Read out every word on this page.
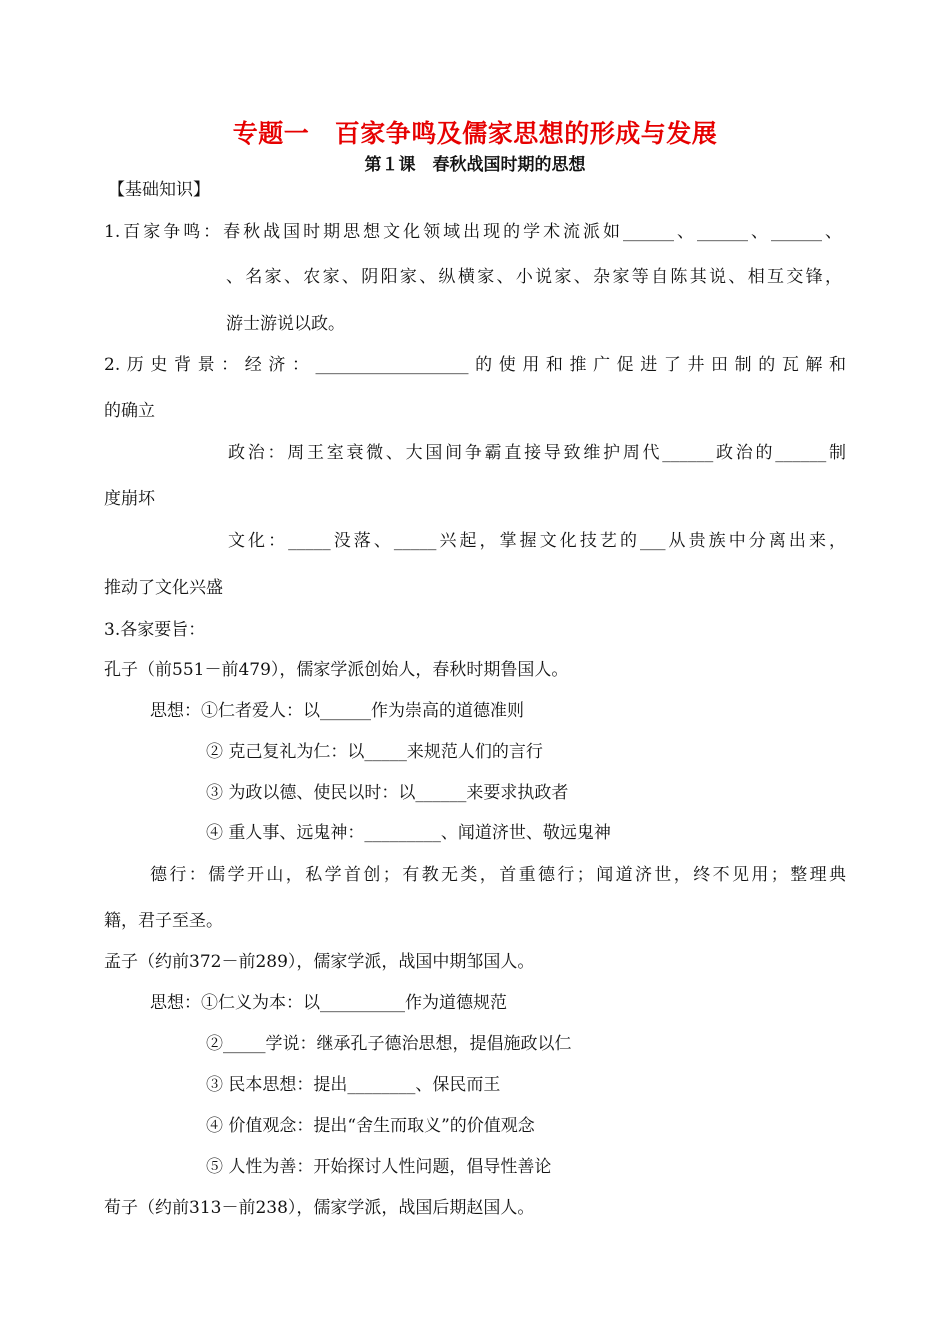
专题一　百家争鸣及儒家思想的形成与发展
第１课　春秋战国时期的思想
【基础知识】
1.百家争鸣：春秋战国时期思想文化领域出现的学术流派如______、______、______、
、名家、农家、阴阳家、纵横家、小说家、杂家等自陈其说、相互交锋，
游士游说以政。
2.历史背景：经济：__________________的使用和推广促进了井田制的瓦解和
的确立
政治：周王室衰微、大国间争霸直接导致维护周代______政治的______制
度崩坏
文化：_____没落、_____兴起，掌握文化技艺的___从贵族中分离出来，
推动了文化兴盛
3.各家要旨：
孔子（前551－前479），儒家学派创始人，春秋时期鲁国人。
思想：①仁者爱人：以______作为崇高的道德准则
② 克己复礼为仁：以_____来规范人们的言行
③ 为政以德、使民以时：以______来要求执政者
④ 重人事、远鬼神：_________、闻道济世、敬远鬼神
德行：儒学开山，私学首创；有教无类，首重德行；闻道济世，终不见用；整理典
籍，君子至圣。
孟子（约前372－前289），儒家学派，战国中期邹国人。
思想：①仁义为本：以__________作为道德规范
②_____学说：继承孔子德治思想，提倡施政以仁
③ 民本思想：提出________、保民而王
④ 价值观念：提出“舍生而取义”的价值观念
⑤ 人性为善：开始探讨人性问题，倡导性善论
荀子（约前313－前238），儒家学派，战国后期赵国人。
